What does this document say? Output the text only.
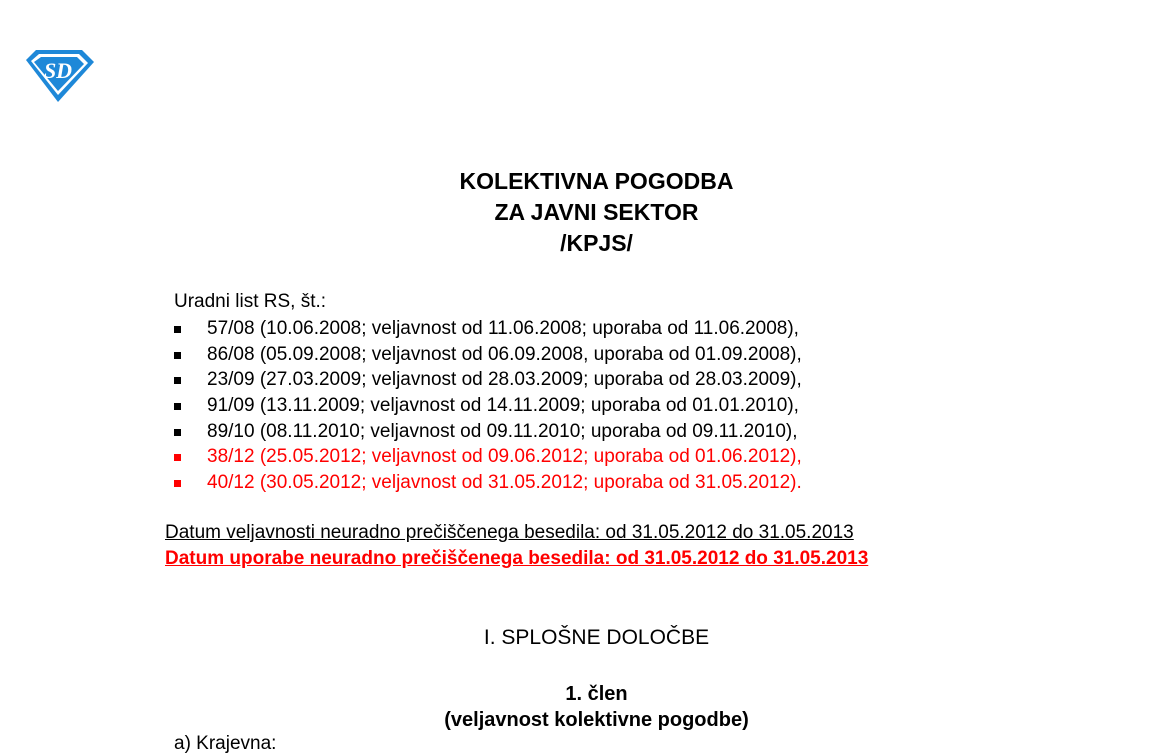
SD
KOLEKTIVNA POGODBA
ZA JAVNI SEKTOR
/KPJS/
Uradni list RS, št.:
57/08 (10.06.2008; veljavnost od 11.06.2008; uporaba od 11.06.2008),
86/08 (05.09.2008; veljavnost od 06.09.2008, uporaba od 01.09.2008),
23/09 (27.03.2009; veljavnost od 28.03.2009; uporaba od 28.03.2009),
91/09 (13.11.2009; veljavnost od 14.11.2009; uporaba od 01.01.2010),
89/10 (08.11.2010; veljavnost od 09.11.2010; uporaba od 09.11.2010),
38/12 (25.05.2012; veljavnost od 09.06.2012; uporaba od 01.06.2012),
40/12 (30.05.2012; veljavnost od 31.05.2012; uporaba od 31.05.2012).
Datum veljavnosti neuradno prečiščenega besedila: od 31.05.2012 do 31.05.2013
Datum uporabe neuradno prečiščenega besedila: od 31.05.2012 do 31.05.2013
I. SPLOŠNE DOLOČBE
1. člen
(veljavnost kolektivne pogodbe)
a) Krajevna:
